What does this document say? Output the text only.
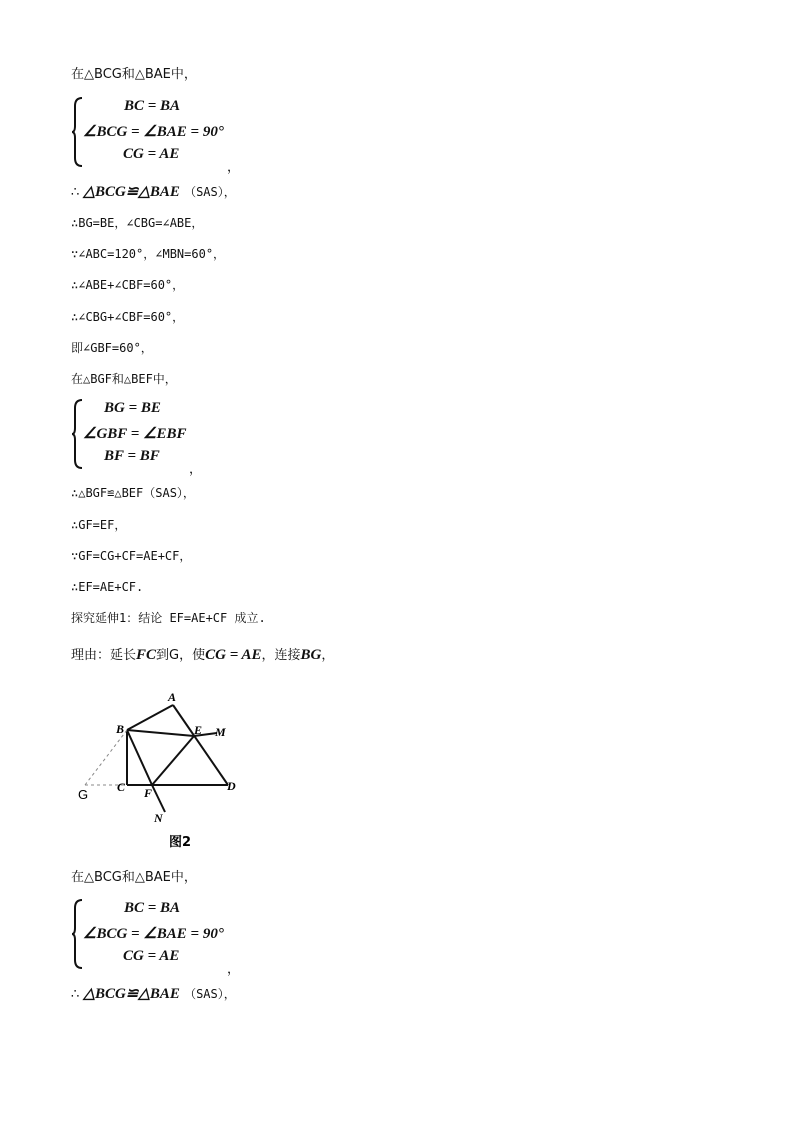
在△BCG和△BAE中，
BC = BA
∠BCG = ∠BAE = 90°
CG = AE
，
∴ △BCG≌△BAE （SAS），
∴BG=BE，∠CBG=∠ABE，
∵∠ABC=120°，∠MBN=60°，
∴∠ABE+∠CBF=60°，
∴∠CBG+∠CBF=60°，
即∠GBF=60°，
在△BGF和△BEF中，
BG = BE
∠GBF = ∠EBF
BF = BF
，
∴△BGF≌△BEF（SAS），
∴GF=EF，
∵GF=CG+CF=AE+CF，
∴EF=AE+CF.
探究延伸1：结论 EF=AE+CF 成立.
理由：延长FC到G，使CG = AE，连接BG，
A
B	E M
G C F	D
N
图2
在△BCG和△BAE中，
BC = BA
∠BCG = ∠BAE = 90°
CG = AE
，
∴ △BCG≌△BAE （SAS），
